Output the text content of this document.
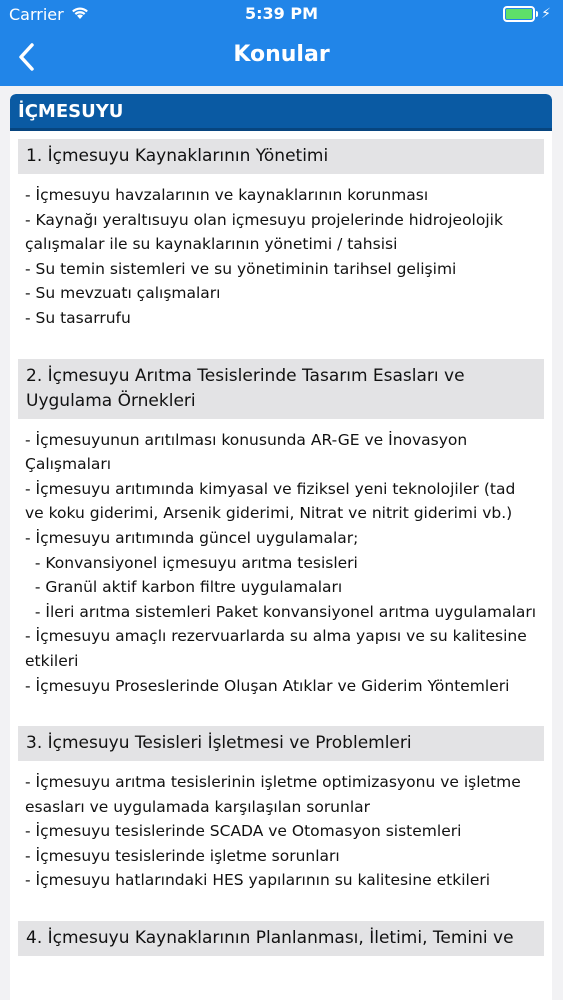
Carrier	5:39 PM	⚡
Konular
İÇMESUYU
1. İçmesuyu Kaynaklarının Yönetimi
- İçmesuyu havzalarının ve kaynaklarının korunması
- Kaynağı yeraltısuyu olan içmesuyu projelerinde hidrojeolojik çalışmalar ile su kaynaklarının yönetimi / tahsisi
- Su temin sistemleri ve su yönetiminin tarihsel gelişimi
- Su mevzuatı çalışmaları
- Su tasarrufu
2. İçmesuyu Arıtma Tesislerinde Tasarım Esasları ve Uygulama Örnekleri
- İçmesuyunun arıtılması konusunda AR-GE ve İnovasyon Çalışmaları
- İçmesuyu arıtımında kimyasal ve fiziksel yeni teknolojiler (tad ve koku giderimi, Arsenik giderimi, Nitrat ve nitrit giderimi vb.)
- İçmesuyu arıtımında güncel uygulamalar;
- Konvansiyonel içmesuyu arıtma tesisleri
- Granül aktif karbon filtre uygulamaları
- İleri arıtma sistemleri Paket konvansiyonel arıtma uygulamaları
- İçmesuyu amaçlı rezervuarlarda su alma yapısı ve su kalitesine etkileri
- İçmesuyu Proseslerinde Oluşan Atıklar ve Giderim Yöntemleri
3. İçmesuyu Tesisleri İşletmesi ve Problemleri
- İçmesuyu arıtma tesislerinin işletme optimizasyonu ve işletme esasları ve uygulamada karşılaşılan sorunlar
- İçmesuyu tesislerinde SCADA ve Otomasyon sistemleri
- İçmesuyu tesislerinde işletme sorunları
- İçmesuyu hatlarındaki HES yapılarının su kalitesine etkileri
4. İçmesuyu Kaynaklarının Planlanması, İletimi, Temini ve
